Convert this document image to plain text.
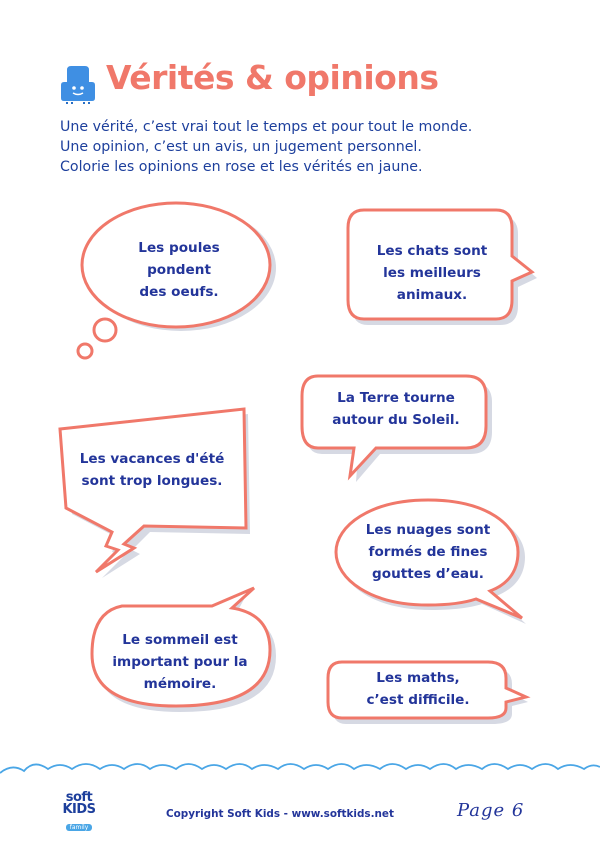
Vérités & opinions
Une vérité, c’est vrai tout le temps et pour tout le monde.
Une opinion, c’est un avis, un jugement personnel.
Colorie les opinions en rose et les vérités en jaune.
Les poules
pondent
des oeufs.
Les chats sont
les meilleurs
animaux.
La Terre tourne
autour du Soleil.
Les vacances d'été
sont trop longues.
Les nuages sont
formés de fines
gouttes d’eau.
Le sommeil est
important pour la
mémoire.	Les maths,
c’est difficile.
soft
KIDS
family
Copyright Soft Kids - www.softkids.net	Page 6
